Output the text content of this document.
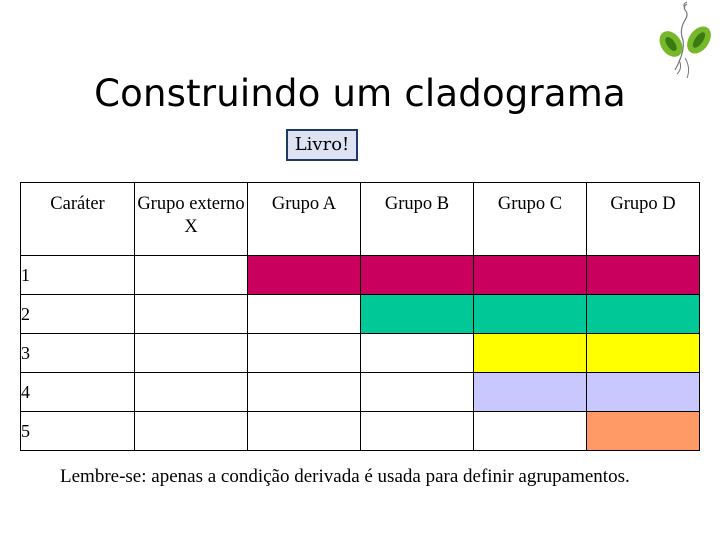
Construindo um cladograma
Livro!
Caráter	Grupo externo X	Grupo A	Grupo B	Grupo C	Grupo D
1					
2					
3					
4					
5					
Lembre-se: apenas a condição derivada é usada para definir agrupamentos.
